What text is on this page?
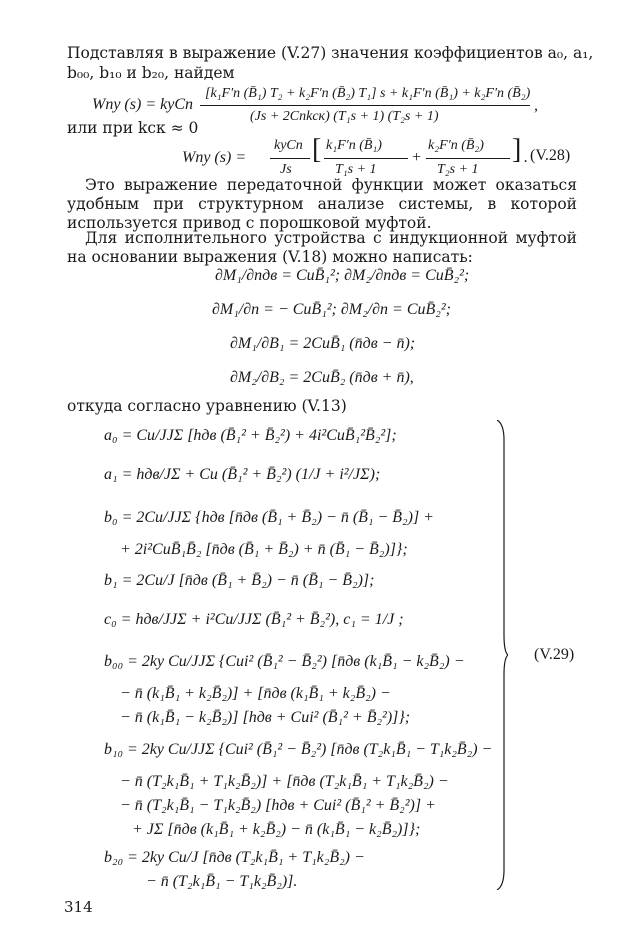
Подставляя в выражение (V.27) значения коэффициентов a₀, a₁,
b₀₀, b₁₀ и b₂₀, найдем
Wпу (s) = kуCп
[k₁F′п (B̄₁) T₂ + k₂F′п (B̄₂) T₁] s + k₁F′п (B̄₁) + k₂F′п (B̄₂)
(Js + 2Cпkск) (T₁s + 1) (T₂s + 1)
,
или при kск ≈ 0
Wпу (s) =
kуCп
Js
[ k₁F′п (B̄₁)
T₁s + 1
+
k₂F′п (B̄₂)
T₂s + 1
] . (V.28)
Это выражение передаточной функции может оказаться удобным при структурном анализе системы, в которой используется привод с порошковой муфтой.
Для исполнительного устройства с индукционной муфтой на основании выражения (V.18) можно написать:
∂M₁/∂nдв = CиB̄₁²; ∂M₂/∂nдв = CиB̄₂²;
∂M₁/∂n = − CиB̄₁²; ∂M₂/∂n = CиB̄₂²;
∂M₁/∂B₁ = 2CиB̄₁ (n̄дв − n̄);
∂M₂/∂B₂ = 2CиB̄₂ (n̄дв + n̄),
откуда согласно уравнению (V.13)
a₀ = Cи/JJΣ [hдв (B̄₁² + B̄₂²) + 4i²CиB̄₁²B̄₂²];
a₁ = hдв/JΣ + Cи (B̄₁² + B̄₂²) (1/J + i²/JΣ);
b₀ = 2Cи/JJΣ {hдв [n̄дв (B̄₁ + B̄₂) − n̄ (B̄₁ − B̄₂)] +
+ 2i²CиB̄₁B̄₂ [n̄дв (B̄₁ + B̄₂) + n̄ (B̄₁ − B̄₂)]};
b₁ = 2Cи/J [n̄дв (B̄₁ + B̄₂) − n̄ (B̄₁ − B̄₂)];
c₀ = hдв/JJΣ + i²Cи/JJΣ (B̄₁² + B̄₂²), c₁ = 1/J ;
b₀₀ = 2kу Cи/JJΣ {Cиi² (B̄₁² − B̄₂²) [n̄дв (k₁B̄₁ − k₂B̄₂) −
− n̄ (k₁B̄₁ + k₂B̄₂)] + [n̄дв (k₁B̄₁ + k₂B̄₂) −
− n̄ (k₁B̄₁ − k₂B̄₂)] [hдв + Cиi² (B̄₁² + B̄₂²)]};
b₁₀ = 2kу Cи/JJΣ {Cиi² (B̄₁² − B̄₂²) [n̄дв (T₂k₁B̄₁ − T₁k₂B̄₂) −
− n̄ (T₂k₁B̄₁ + T₁k₂B̄₂)] + [n̄дв (T₂k₁B̄₁ + T₁k₂B̄₂) −
− n̄ (T₂k₁B̄₁ − T₁k₂B̄₂) [hдв + Cиi² (B̄₁² + B̄₂²)] +
+ JΣ [n̄дв (k₁B̄₁ + k₂B̄₂) − n̄ (k₁B̄₁ − k₂B̄₂)]};
b₂₀ = 2kу Cи/J [n̄дв (T₂k₁B̄₁ + T₁k₂B̄₂) −
− n̄ (T₂k₁B̄₁ − T₁k₂B̄₂)].
(V.29)
314
